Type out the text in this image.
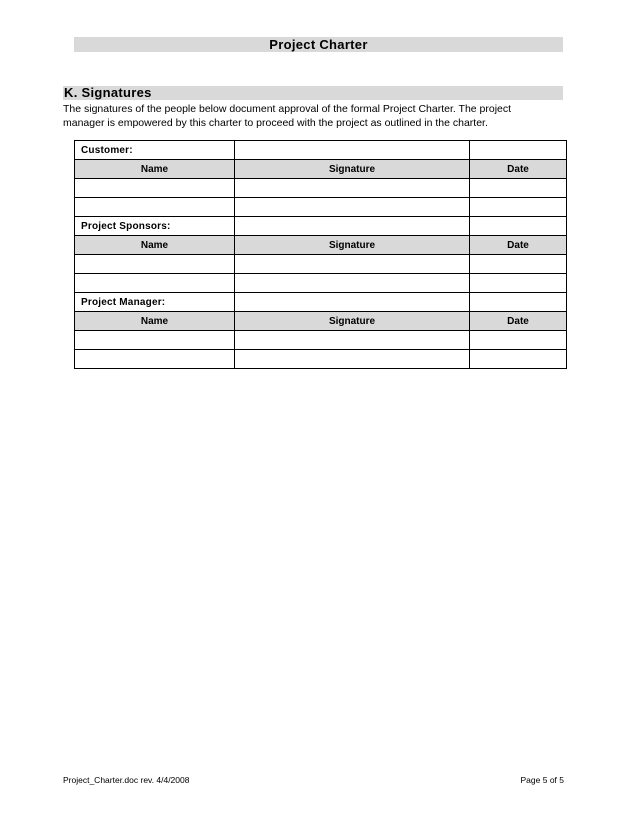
Project Charter
K. Signatures
The signatures of the people below document approval of the formal Project Charter. The project
manager is empowered by this charter to proceed with the project as outlined in the charter.
Customer:		
Name	Signature	Date

Project Sponsors:		
Name	Signature	Date

Project Manager:		
Name	Signature	Date

Project_Charter.doc rev. 4/4/2008	Page 5 of 5
